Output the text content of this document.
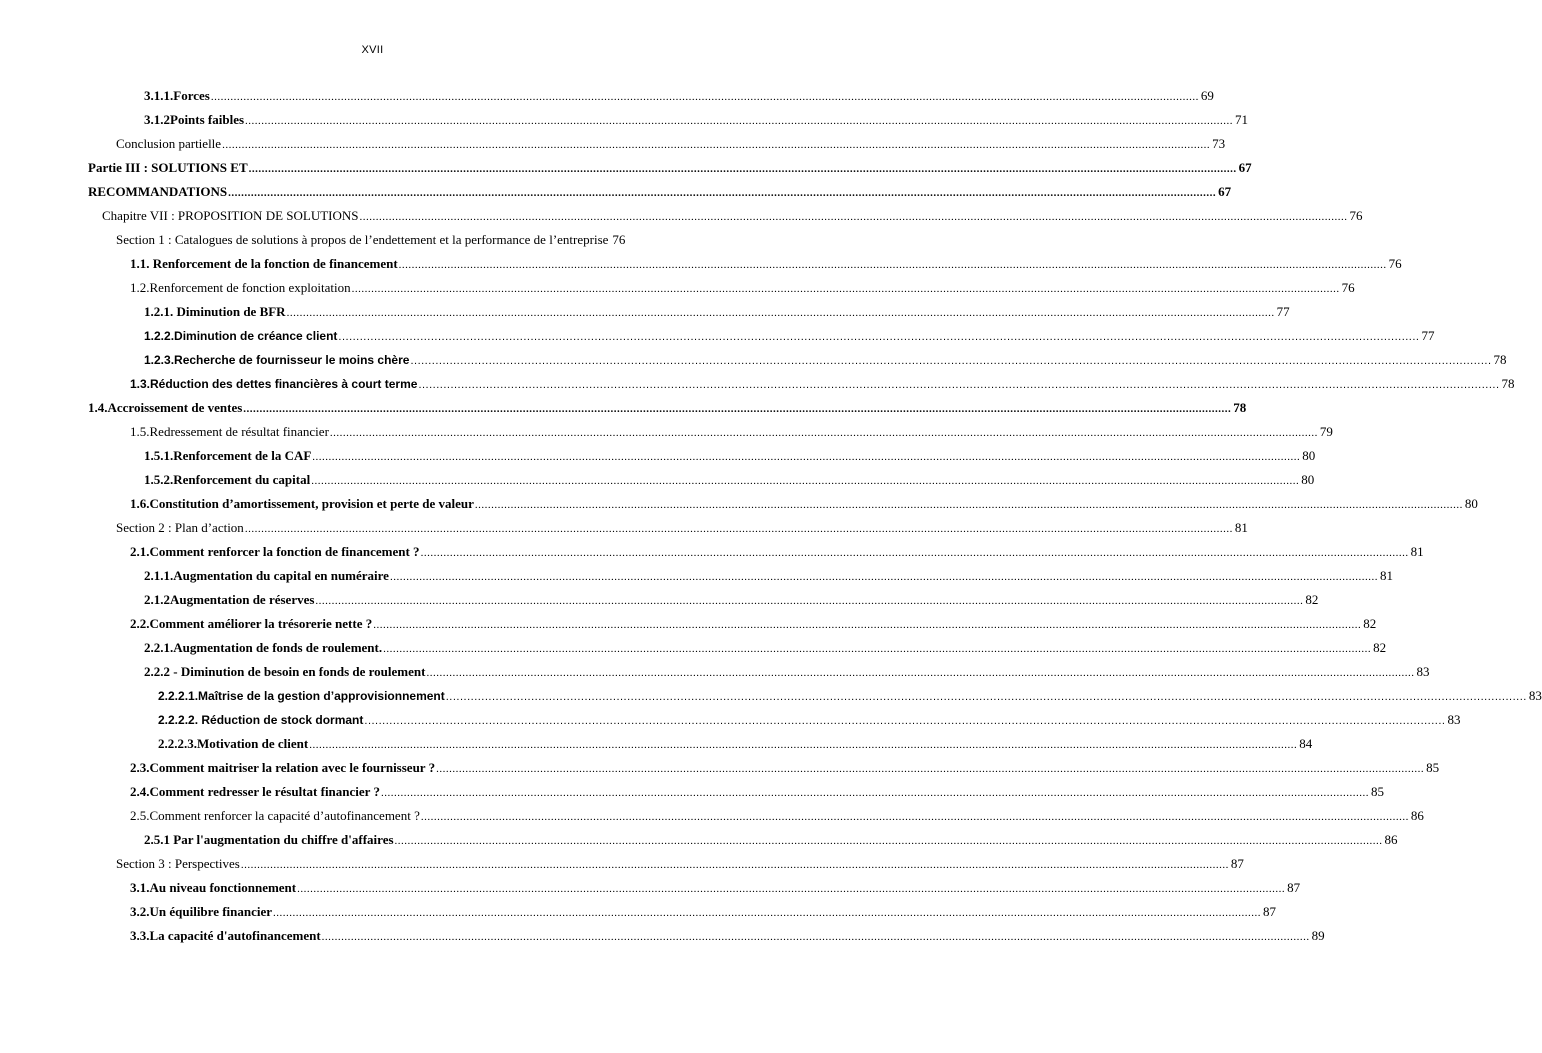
XVII
3.1.1. Forces .....	69
3.1.2 Points faibles .....	71
Conclusion partielle .....	73
Partie III : SOLUTIONS ET .....	67
RECOMMANDATIONS .....	67
Chapitre VII : PROPOSITION DE SOLUTIONS .....	76
Section 1 : Catalogues de solutions à propos de l’endettement et la performance de l’entreprise 76
1.1. Renforcement de la fonction de financement .....	76
1.2. Renforcement de fonction exploitation .....	76
1.2.1. Diminution de BFR .....	77
1.2.2. Diminution de créance client .....	77
1.2.3. Recherche de fournisseur le moins chère .....	78
1.3. Réduction des dettes financières à court terme .....	78
1.4. Accroissement de ventes .....	78
1.5. Redressement de résultat financier .....	79
1.5.1. Renforcement de la CAF .....	80
1.5.2. Renforcement du capital .....	80
1.6. Constitution d’amortissement, provision et perte de valeur .....	80
Section 2 : Plan d’action .....	81
2.1. Comment renforcer la fonction de financement ? .....	81
2.1.1. Augmentation du capital en numéraire .....	81
2.1.2 Augmentation de réserves .....	82
2.2. Comment améliorer la trésorerie nette ? .....	82
2.2.1. Augmentation de fonds de roulement. .....	82
2.2.2 - Diminution de besoin en fonds de roulement .....	83
2.2.2.1. Maîtrise de la gestion d’approvisionnement .....	83
2.2.2.2. Réduction de stock dormant .....	83
2.2.2.3. Motivation de client .....	84
2.3. Comment maitriser la relation avec le fournisseur ? .....	85
2.4. Comment redresser le résultat financier ? .....	85
2.5. Comment renforcer la capacité d’autofinancement ? .....	86
2.5.1 Par l'augmentation du chiffre d'affaires .....	86
Section 3 : Perspectives .....	87
3.1. Au niveau fonctionnement .....	87
3.2. Un équilibre financier .....	87
3.3. La capacité d'autofinancement .....	89
